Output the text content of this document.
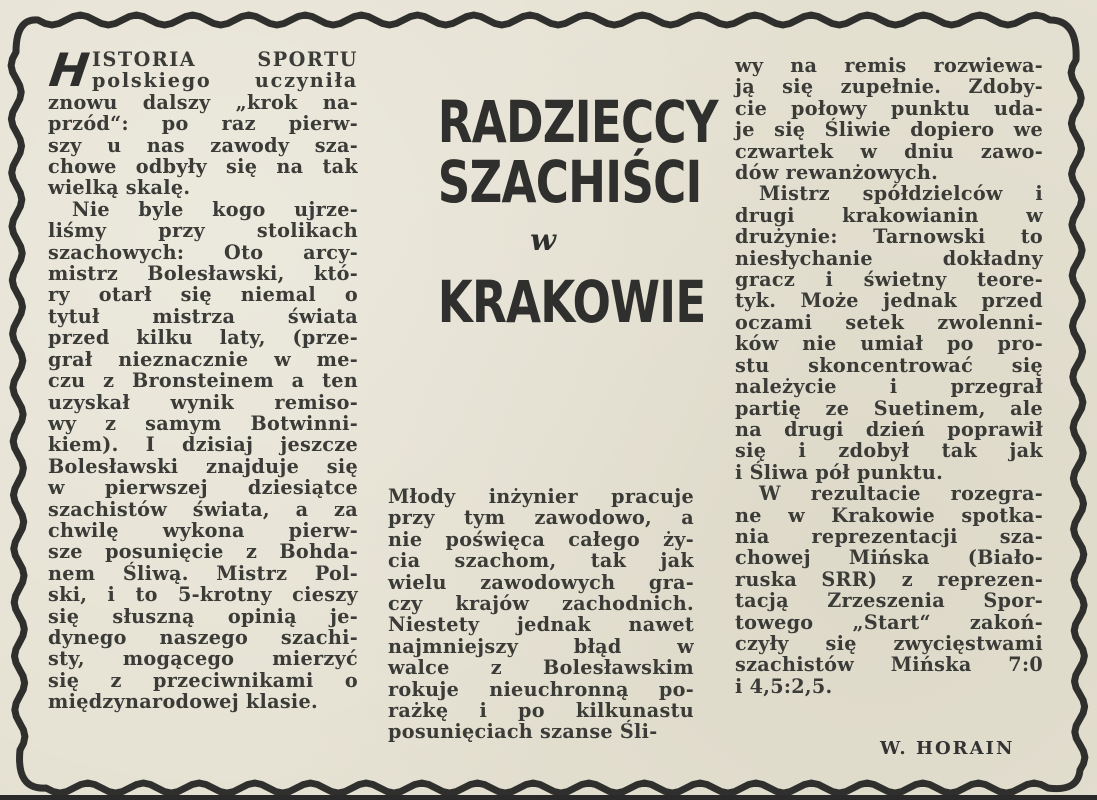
H ISTORIA SPORTU
polskiego uczyniła
znowu dalszy „krok na-
przód“: po raz pierw-
szy u nas zawody sza-
chowe odbyły się na tak
wielką skalę.
Nie byle kogo ujrze-
liśmy przy stolikach
szachowych: Oto arcy-
mistrz Bolesławski, któ-
ry otarł się niemal o
tytuł mistrza świata
przed kilku laty, (prze-
grał nieznacznie w me-
czu z Bronsteinem a ten
uzyskał wynik remiso-
wy z samym Botwinni-
kiem). I dzisiaj jeszcze
Bolesławski znajduje się
w pierwszej dziesiątce
szachistów świata, a za
chwilę wykona pierw-
sze posunięcie z Bohda-
nem Śliwą. Mistrz Pol-
ski, i to 5-krotny cieszy
się słuszną opinią je-
dynego naszego szachi-
sty, mogącego mierzyć
się z przeciwnikami o
międzynarodowej klasie.
RADZIECCY
SZACHIŚCI
w
KRAKOWIE
Młody inżynier pracuje
przy tym zawodowo, a
nie poświęca całego ży-
cia szachom, tak jak
wielu zawodowych gra-
czy krajów zachodnich.
Niestety jednak nawet
najmniejszy błąd w
walce z Bolesławskim
rokuje nieuchronną po-
rażkę i po kilkunastu
posunięciach szanse Śli-
wy na remis rozwiewa-
ją się zupełnie. Zdoby-
cie połowy punktu uda-
je się Śliwie dopiero we
czwartek w dniu zawo-
dów rewanżowych.
Mistrz spółdzielców i
drugi krakowianin w
drużynie: Tarnowski to
niesłychanie dokładny
gracz i świetny teore-
tyk. Może jednak przed
oczami setek zwolenni-
ków nie umiał po pro-
stu skoncentrować się
należycie i przegrał
partię ze Suetinem, ale
na drugi dzień poprawił
się i zdobył tak jak
i Śliwa pół punktu.
W rezultacie rozegra-
ne w Krakowie spotka-
nia reprezentacji sza-
chowej Mińska (Biało-
ruska SRR) z reprezen-
tacją Zrzeszenia Spor-
towego „Start“ zakoń-
czyły się zwycięstwami
szachistów Mińska 7:0
i 4,5:2,5.
W. HORAIN
